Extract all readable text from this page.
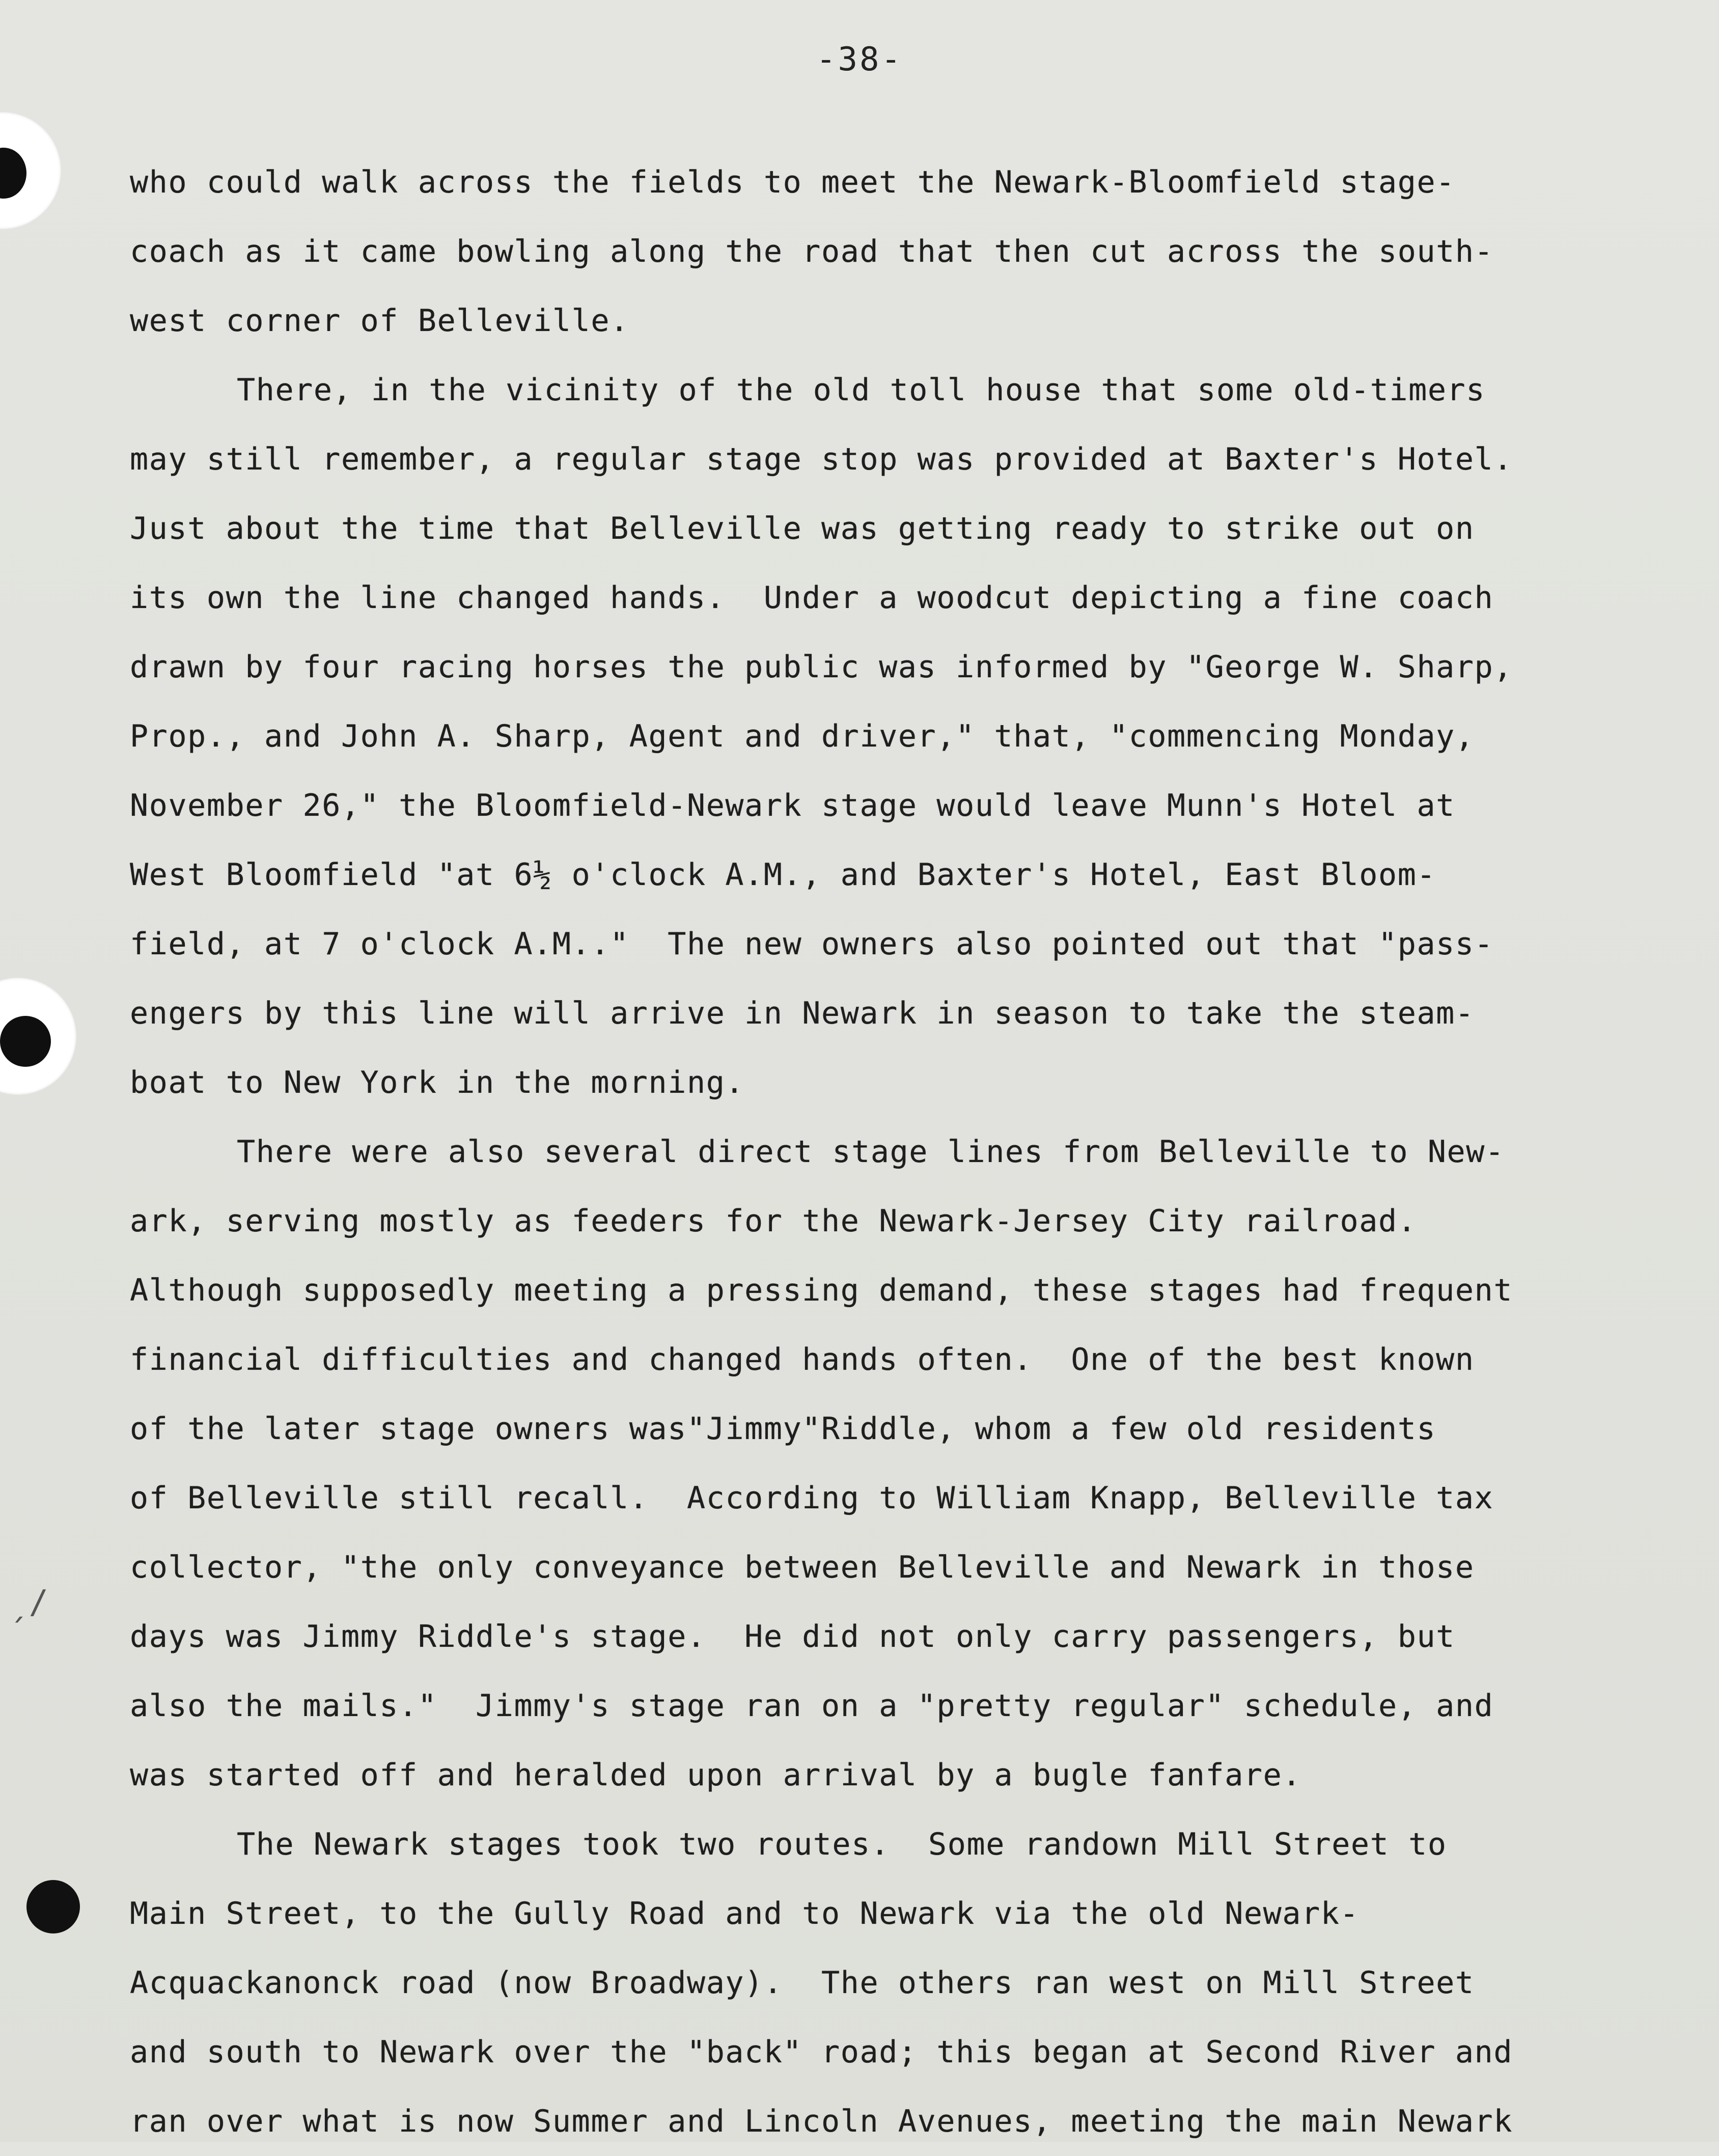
ˏ/
-38-
who could walk across the fields to meet the Newark-Bloomfield stage-
coach as it came bowling along the road that then cut across the south-
west corner of Belleville.
There, in the vicinity of the old toll house that some old-timers
may still remember, a regular stage stop was provided at Baxter's Hotel.
Just about the time that Belleville was getting ready to strike out on
its own the line changed hands.  Under a woodcut depicting a fine coach
drawn by four racing horses the public was informed by "George W. Sharp,
Prop., and John A. Sharp, Agent and driver," that, "commencing Monday,
November 26," the Bloomfield-Newark stage would leave Munn's Hotel at
West Bloomfield "at 6½ o'clock A.M., and Baxter's Hotel, East Bloom-
field, at 7 o'clock A.M.."  The new owners also pointed out that "pass-
engers by this line will arrive in Newark in season to take the steam-
boat to New York in the morning.
There were also several direct stage lines from Belleville to New-
ark, serving mostly as feeders for the Newark-Jersey City railroad.
Although supposedly meeting a pressing demand, these stages had frequent
financial difficulties and changed hands often.  One of the best known
of the later stage owners was"Jimmy"Riddle, whom a few old residents
of Belleville still recall.  According to William Knapp, Belleville tax
collector, "the only conveyance between Belleville and Newark in those
days was Jimmy Riddle's stage.  He did not only carry passengers, but
also the mails."  Jimmy's stage ran on a "pretty regular" schedule, and
was started off and heralded upon arrival by a bugle fanfare.
The Newark stages took two routes.  Some randown Mill Street to
Main Street, to the Gully Road and to Newark via the old Newark-
Acquackanonck road (now Broadway).  The others ran west on Mill Street
and south to Newark over the "back" road; this began at Second River and
ran over what is now Summer and Lincoln Avenues, meeting the main Newark
